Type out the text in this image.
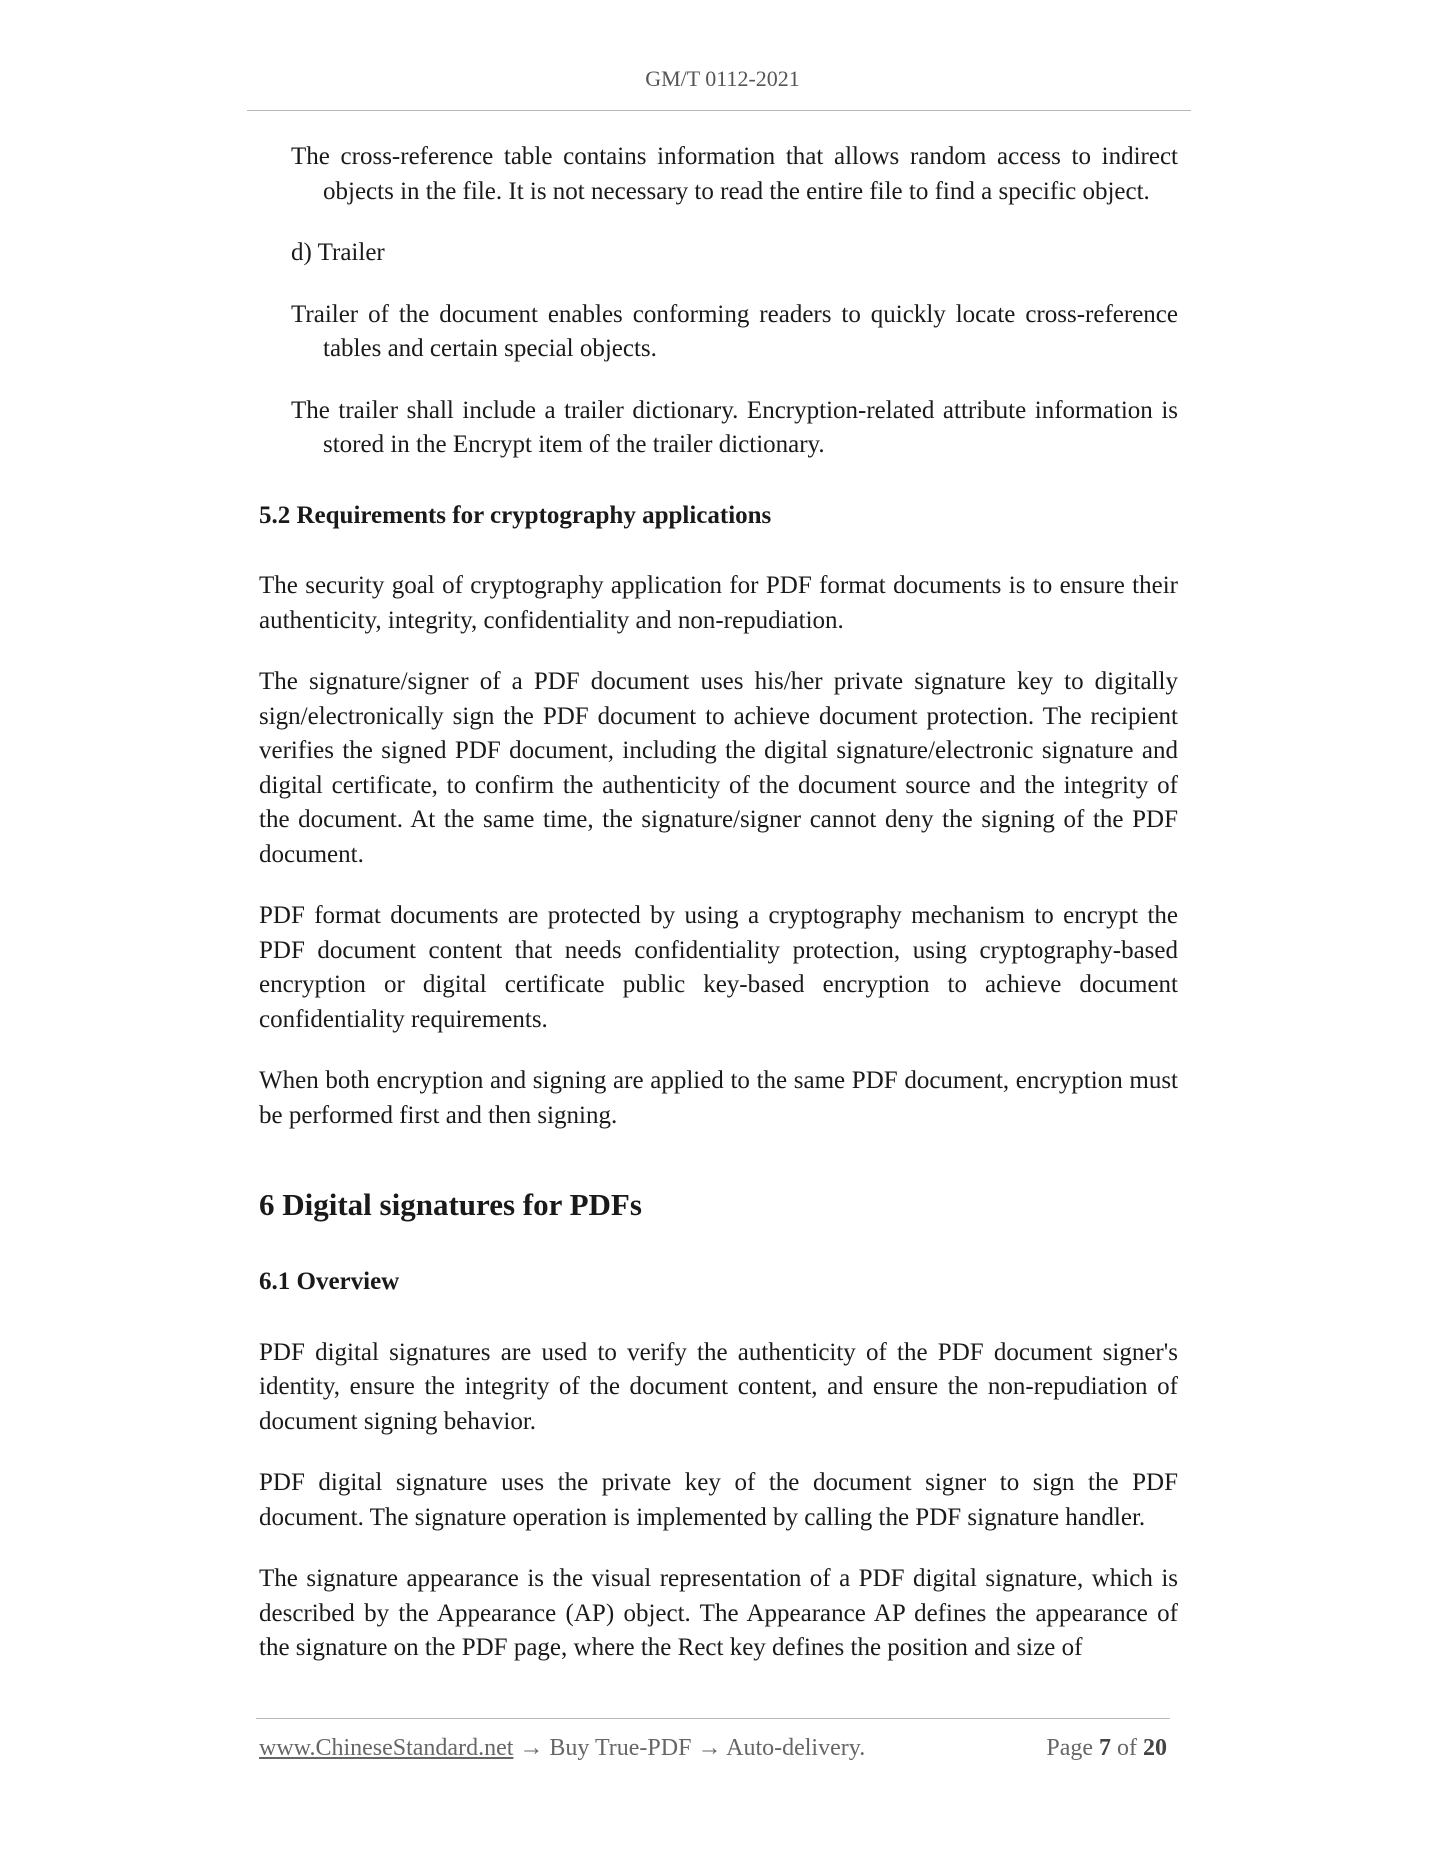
GM/T 0112-2021

The cross-reference table contains information that allows random access to indirect objects in the file. It is not necessary to read the entire file to find a specific object.

d) Trailer

Trailer of the document enables conforming readers to quickly locate cross-reference tables and certain special objects.

The trailer shall include a trailer dictionary. Encryption-related attribute information is stored in the Encrypt item of the trailer dictionary.

5.2 Requirements for cryptography applications

The security goal of cryptography application for PDF format documents is to ensure their authenticity, integrity, confidentiality and non-repudiation.

The signature/signer of a PDF document uses his/her private signature key to digitally sign/electronically sign the PDF document to achieve document protection. The recipient verifies the signed PDF document, including the digital signature/electronic signature and digital certificate, to confirm the authenticity of the document source and the integrity of the document. At the same time, the signature/signer cannot deny the signing of the PDF document.

PDF format documents are protected by using a cryptography mechanism to encrypt the PDF document content that needs confidentiality protection, using cryptography-based encryption or digital certificate public key-based encryption to achieve document confidentiality requirements.

When both encryption and signing are applied to the same PDF document, encryption must be performed first and then signing.

6 Digital signatures for PDFs

6.1 Overview

PDF digital signatures are used to verify the authenticity of the PDF document signer's identity, ensure the integrity of the document content, and ensure the non-repudiation of document signing behavior.

PDF digital signature uses the private key of the document signer to sign the PDF document. The signature operation is implemented by calling the PDF signature handler.

The signature appearance is the visual representation of a PDF digital signature, which is described by the Appearance (AP) object. The Appearance AP defines the appearance of the signature on the PDF page, where the Rect key defines the position and size of

www.ChineseStandard.net → Buy True-PDF → Auto-delivery.	Page 7 of 20
